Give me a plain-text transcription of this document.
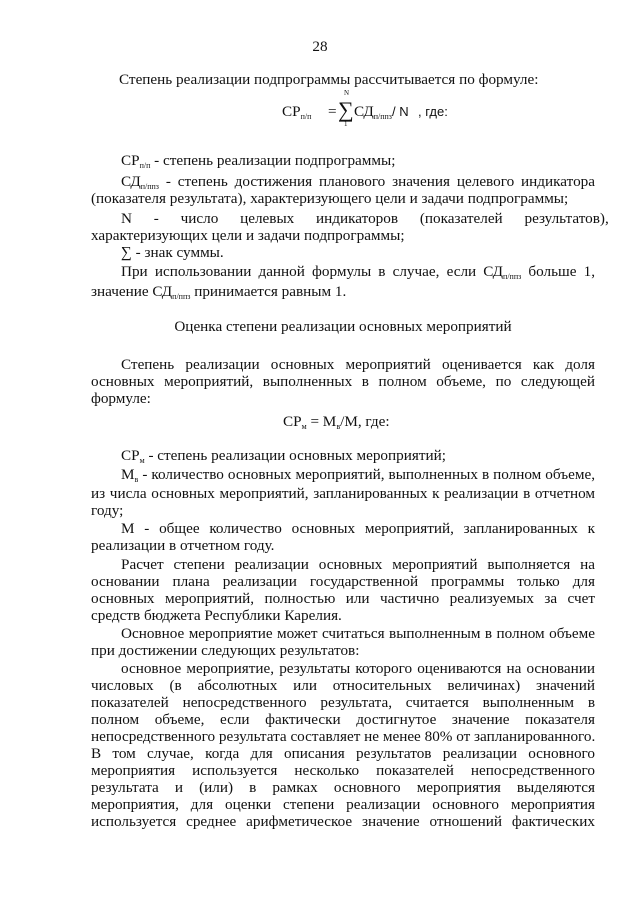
28
Степень реализации подпрограммы рассчитывается по формуле:
$СР_{п/п}$ =
N
∑
1
$СД_{п/ппз}$ / N , где:
$СР_{п/п}$ - степень реализации подпрограммы;
$СД_{п/ппз}$ - степень достижения планового значения целевого индикатора
(показателя результата), характеризующего цели и задачи подпрограммы;
N - число целевых индикаторов (показателей результатов),
характеризующих цели и задачи подпрограммы;
∑ - знак суммы.
При использовании данной формулы в случае, если $СД_{п/ппз}$ больше 1,
значение $СД_{п/ппз}$ принимается равным 1.
Оценка степени реализации основных мероприятий
Степень реализации основных мероприятий оценивается как доля
основных мероприятий, выполненных в полном объеме, по следующей
формуле:
$СР_м = М_в/М$, где:
$СР_м$ - степень реализации основных мероприятий;
$М_в$ - количество основных мероприятий, выполненных в полном объеме,
из числа основных мероприятий, запланированных к реализации в отчетном
году;
М - общее количество основных мероприятий, запланированных к
реализации в отчетном году.
Расчет степени реализации основных мероприятий выполняется на
основании плана реализации государственной программы только для
основных мероприятий, полностью или частично реализуемых за счет
средств бюджета Республики Карелия.
Основное мероприятие может считаться выполненным в полном объеме
при достижении следующих результатов:
основное мероприятие, результаты которого оцениваются на основании
числовых (в абсолютных или относительных величинах) значений
показателей непосредственного результата, считается выполненным в
полном объеме, если фактически достигнутое значение показателя
непосредственного результата составляет не менее 80% от запланированного.
В том случае, когда для описания результатов реализации основного
мероприятия используется несколько показателей непосредственного
результата и (или) в рамках основного мероприятия выделяются
мероприятия, для оценки степени реализации основного мероприятия
используется среднее арифметическое значение отношений фактических
